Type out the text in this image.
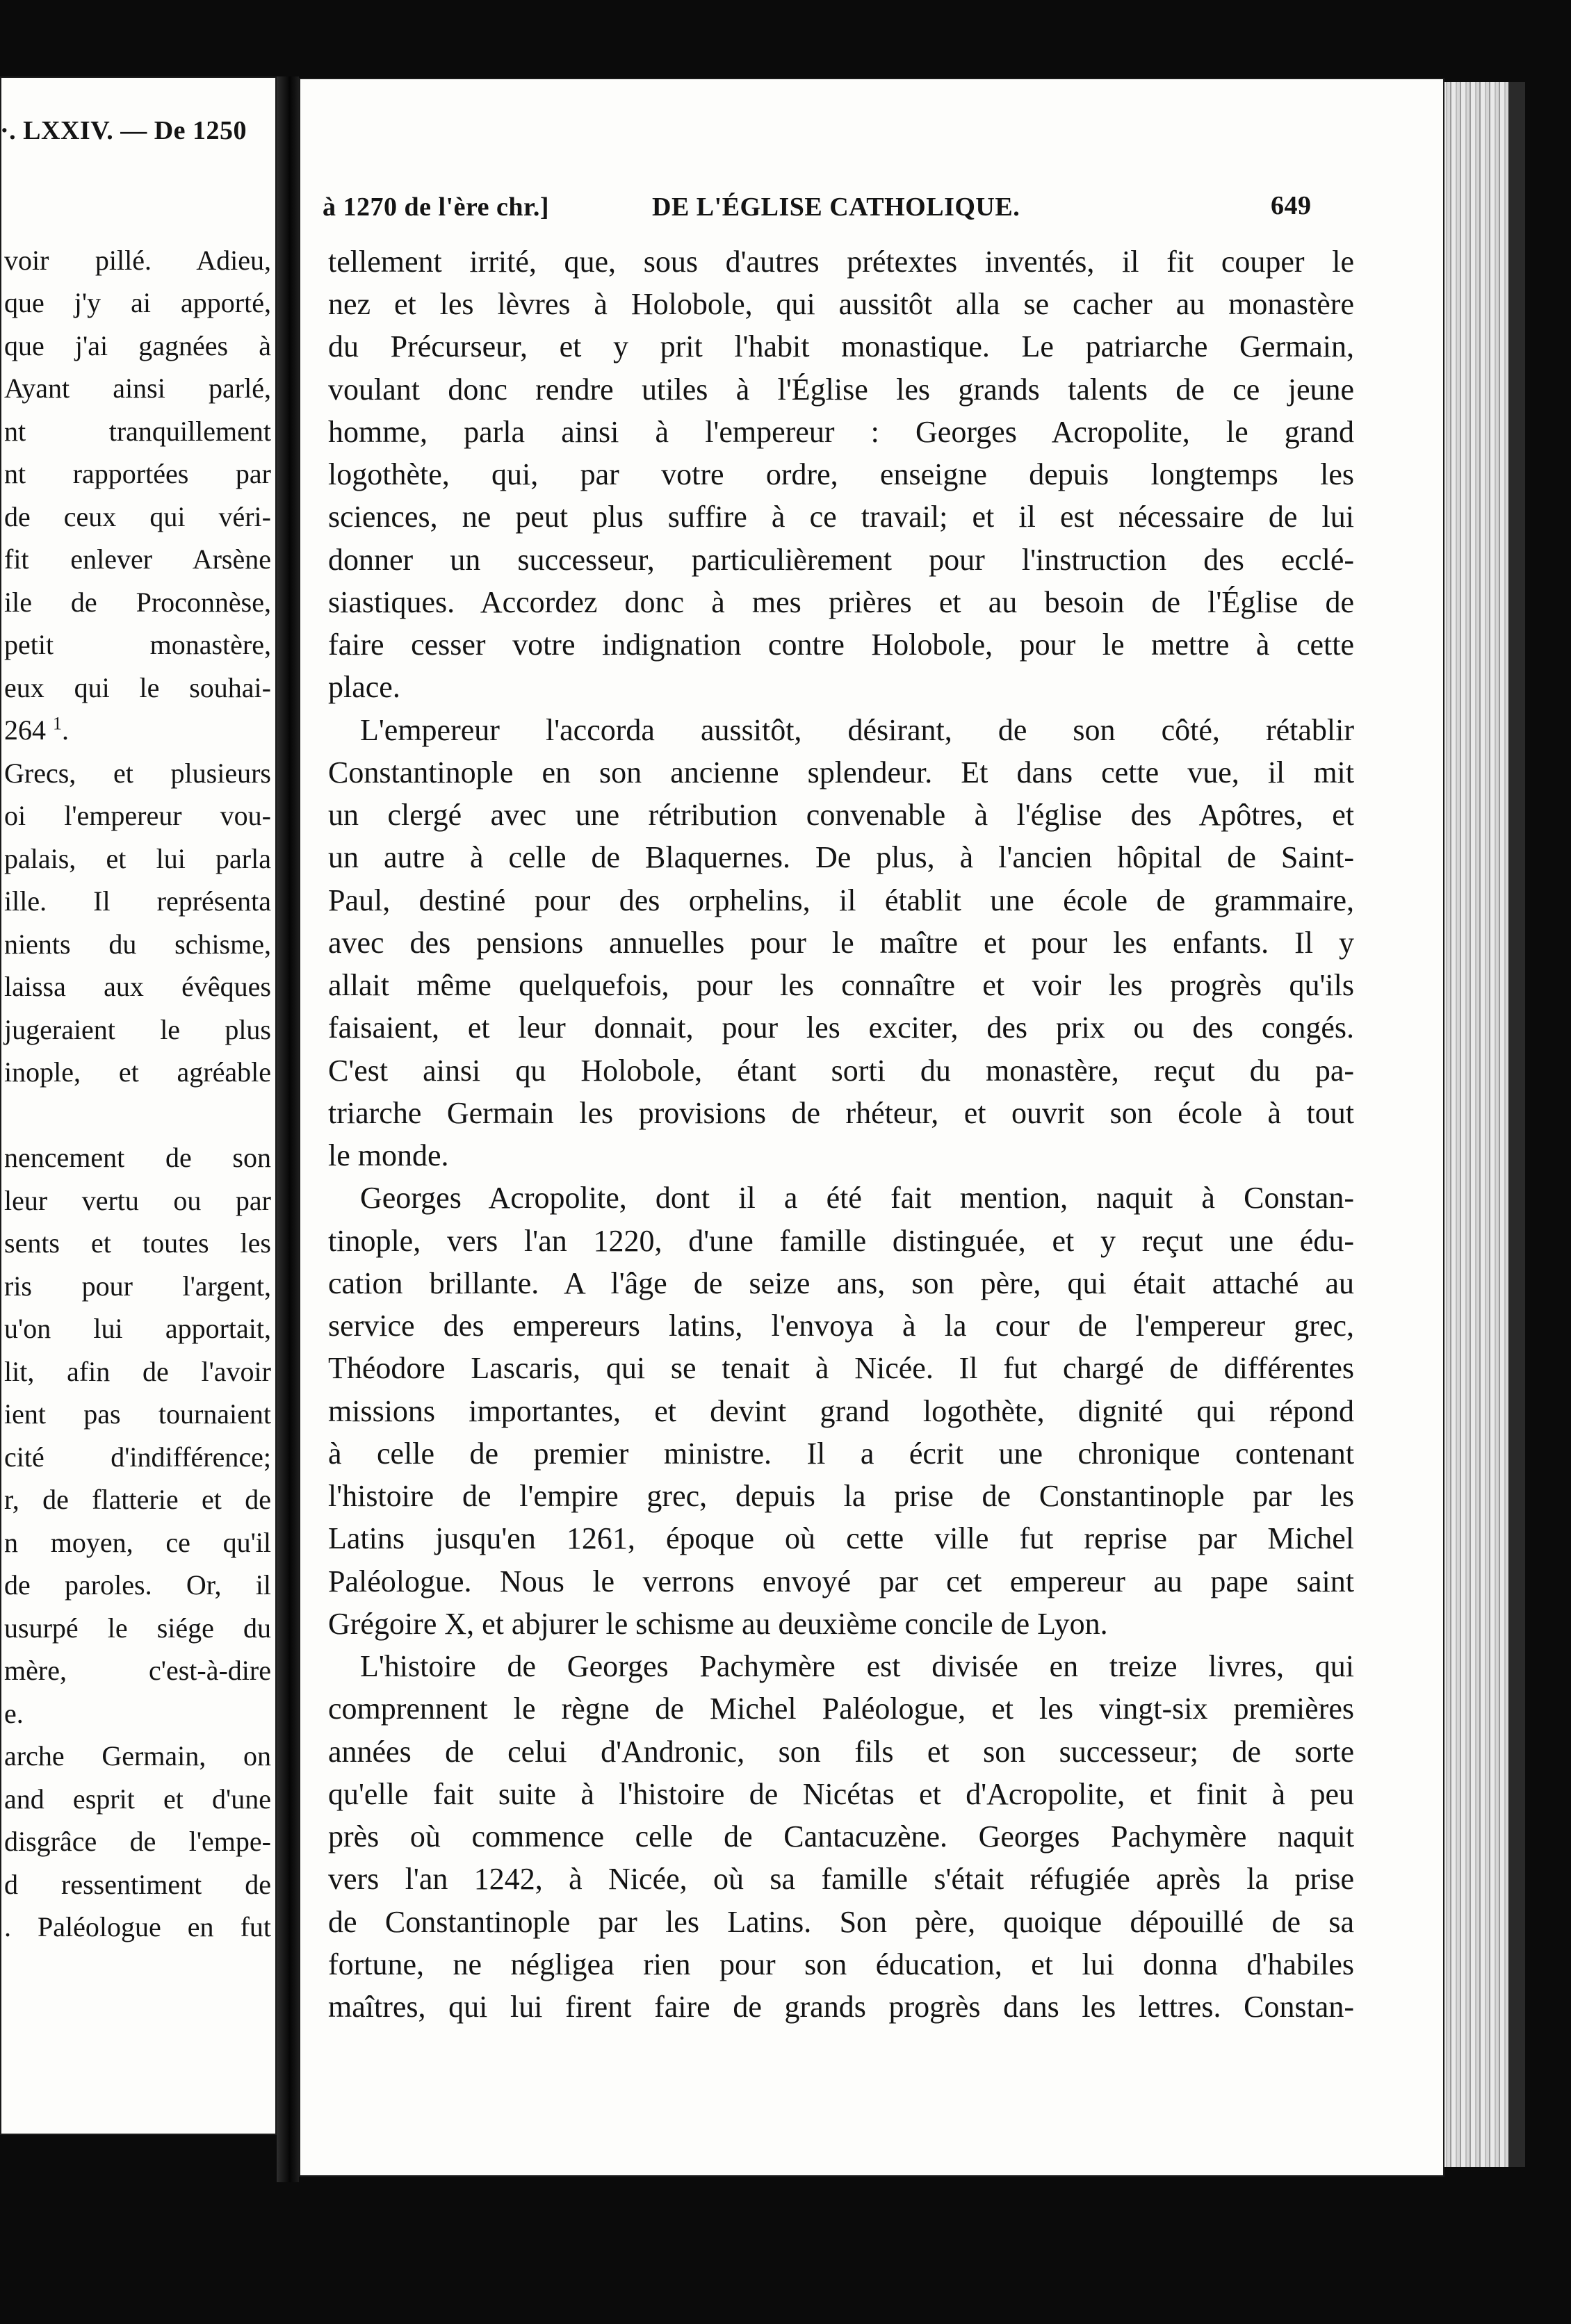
·. LXXIV. — De 1250
voir pillé. Adieu,
que j'y ai apporté,
que j'ai gagnées à
Ayant ainsi parlé,
nt tranquillement
nt rapportées par
de ceux qui véri-
fit enlever Arsène
ile de Proconnèse,
petit monastère,
eux qui le souhai-
264 $^1$.
Grecs, et plusieurs
oi l'empereur vou-
palais, et lui parla
ille. Il représenta
nients du schisme,
laissa aux évêques
jugeraient le plus
inople, et agréable
nencement de son
leur vertu ou par
sents et toutes les
ris pour l'argent,
u'on lui apportait,
lit, afin de l'avoir
ient pas tournaient
cité d'indifférence;
r, de flatterie et de
n moyen, ce qu'il
de paroles. Or, il
usurpé le siége du
mère, c'est-à-dire
e.
arche Germain, on
and esprit et d'une
disgrâce de l'empe-
d ressentiment de
. Paléologue en fut
à 1270 de l'ère chr.]	DE L'ÉGLISE CATHOLIQUE.	649
tellement irrité, que, sous d'autres prétextes inventés, il fit couper le
nez et les lèvres à Holobole, qui aussitôt alla se cacher au monastère
du Précurseur, et y prit l'habit monastique. Le patriarche Germain,
voulant donc rendre utiles à l'Église les grands talents de ce jeune
homme, parla ainsi à l'empereur : Georges Acropolite, le grand
logothète, qui, par votre ordre, enseigne depuis longtemps les
sciences, ne peut plus suffire à ce travail; et il est nécessaire de lui
donner un successeur, particulièrement pour l'instruction des ecclé-
siastiques. Accordez donc à mes prières et au besoin de l'Église de
faire cesser votre indignation contre Holobole, pour le mettre à cette
place.
L'empereur l'accorda aussitôt, désirant, de son côté, rétablir
Constantinople en son ancienne splendeur. Et dans cette vue, il mit
un clergé avec une rétribution convenable à l'église des Apôtres, et
un autre à celle de Blaquernes. De plus, à l'ancien hôpital de Saint-
Paul, destiné pour des orphelins, il établit une école de grammaire,
avec des pensions annuelles pour le maître et pour les enfants. Il y
allait même quelquefois, pour les connaître et voir les progrès qu'ils
faisaient, et leur donnait, pour les exciter, des prix ou des congés.
C'est ainsi qu Holobole, étant sorti du monastère, reçut du pa-
triarche Germain les provisions de rhéteur, et ouvrit son école à tout
le monde.
Georges Acropolite, dont il a été fait mention, naquit à Constan-
tinople, vers l'an 1220, d'une famille distinguée, et y reçut une édu-
cation brillante. A l'âge de seize ans, son père, qui était attaché au
service des empereurs latins, l'envoya à la cour de l'empereur grec,
Théodore Lascaris, qui se tenait à Nicée. Il fut chargé de différentes
missions importantes, et devint grand logothète, dignité qui répond
à celle de premier ministre. Il a écrit une chronique contenant
l'histoire de l'empire grec, depuis la prise de Constantinople par les
Latins jusqu'en 1261, époque où cette ville fut reprise par Michel
Paléologue. Nous le verrons envoyé par cet empereur au pape saint
Grégoire X, et abjurer le schisme au deuxième concile de Lyon.
L'histoire de Georges Pachymère est divisée en treize livres, qui
comprennent le règne de Michel Paléologue, et les vingt-six premières
années de celui d'Andronic, son fils et son successeur; de sorte
qu'elle fait suite à l'histoire de Nicétas et d'Acropolite, et finit à peu
près où commence celle de Cantacuzène. Georges Pachymère naquit
vers l'an 1242, à Nicée, où sa famille s'était réfugiée après la prise
de Constantinople par les Latins. Son père, quoique dépouillé de sa
fortune, ne négligea rien pour son éducation, et lui donna d'habiles
maîtres, qui lui firent faire de grands progrès dans les lettres. Constan-
